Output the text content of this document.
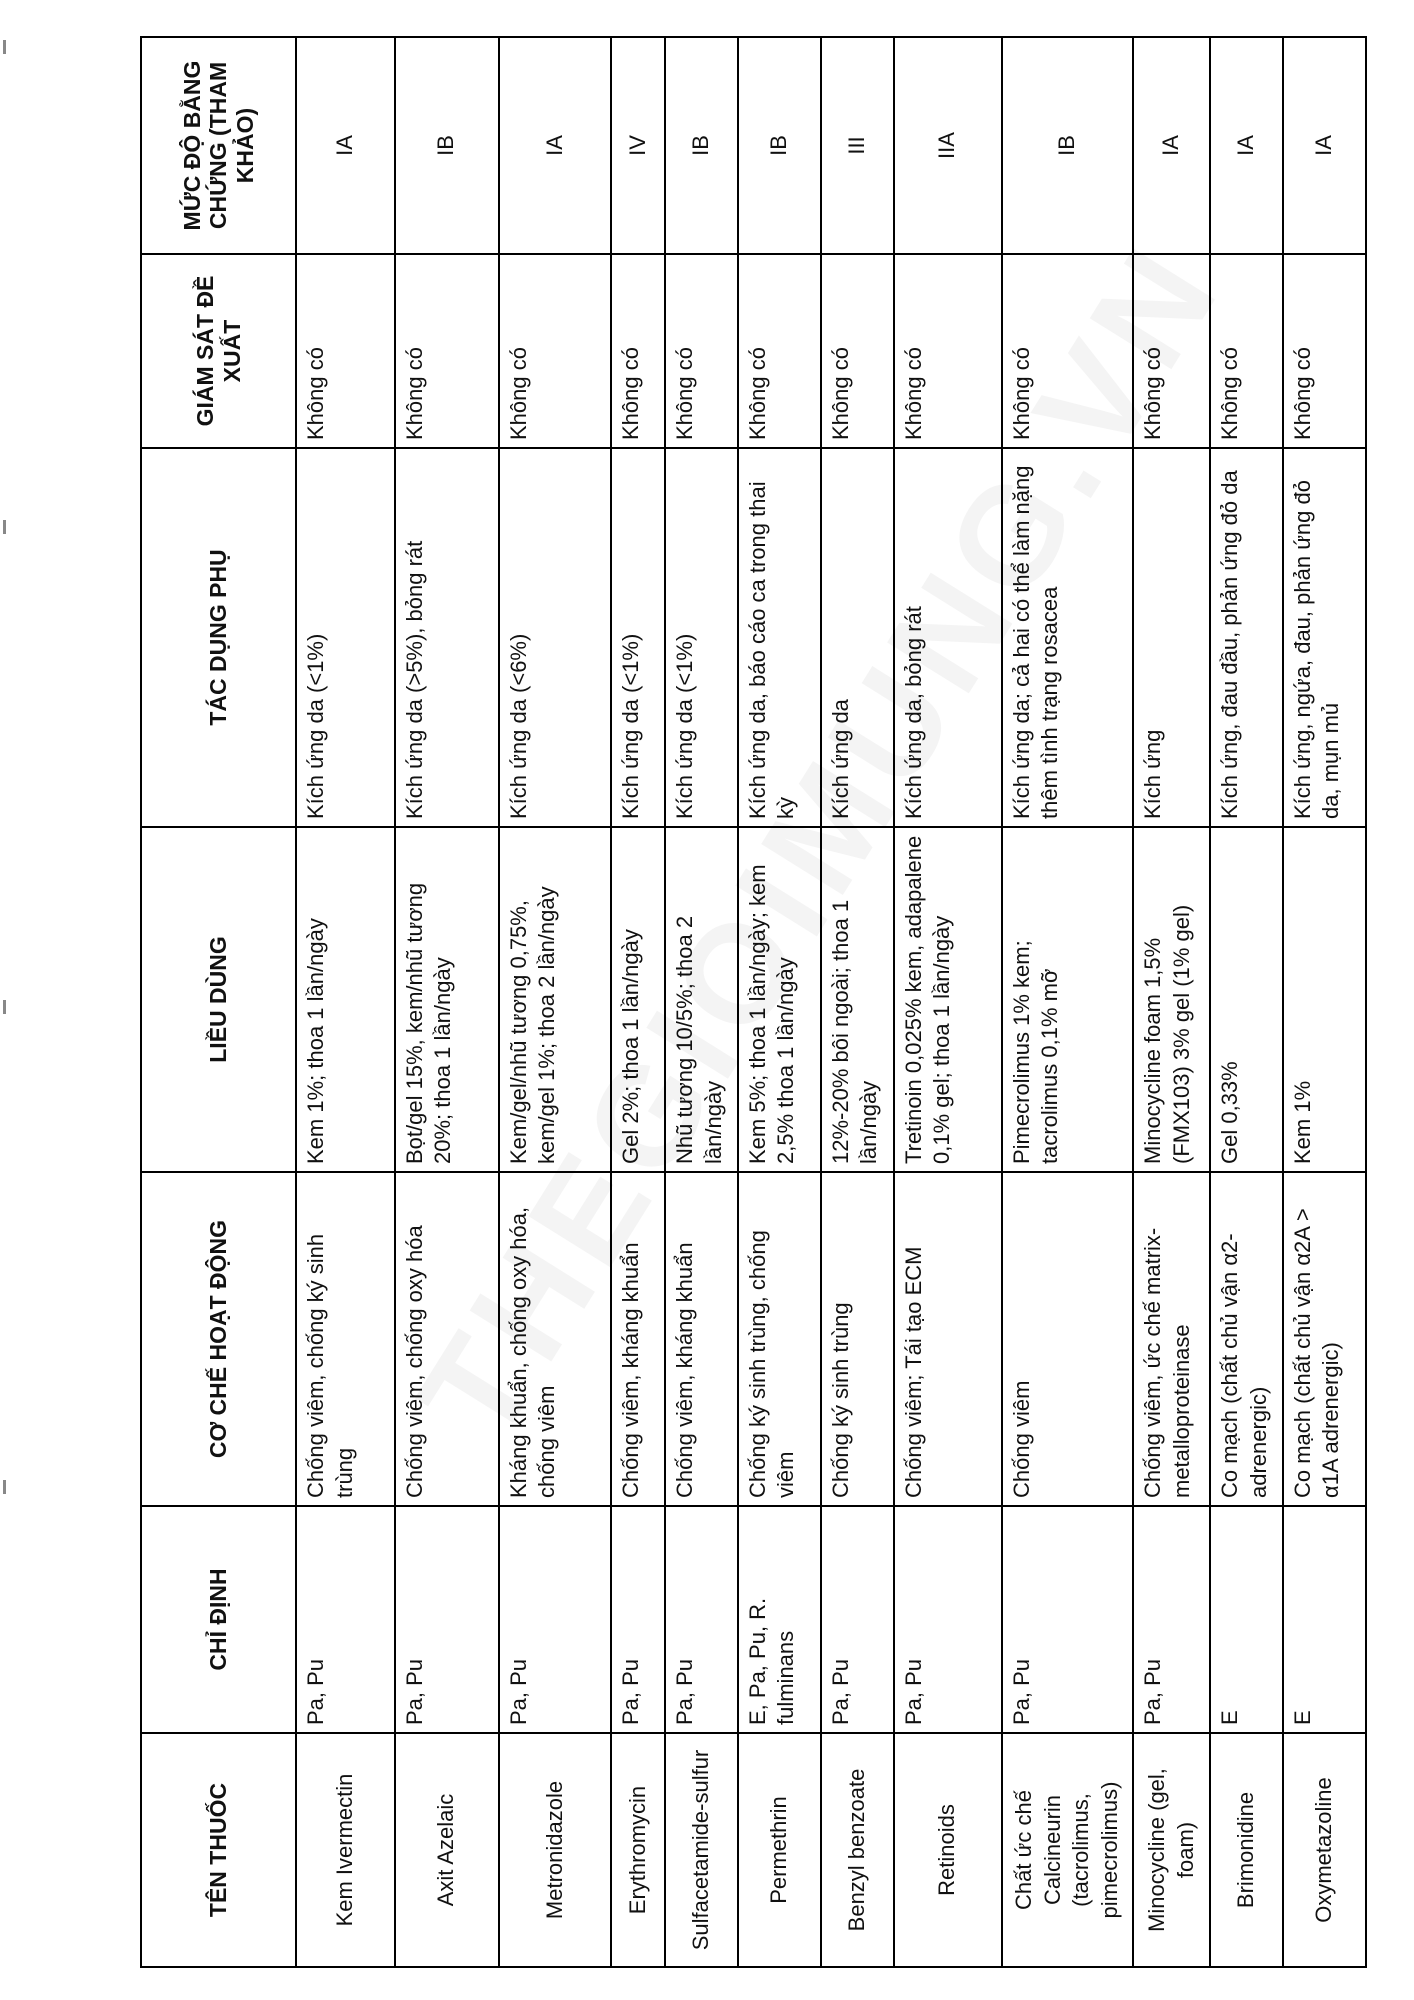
TÊN THUỐC	CHỈ ĐỊNH	CƠ CHẾ HOẠT ĐỘNG	LIỀU DÙNG	TÁC DỤNG PHỤ	GIÁM SÁT ĐỀ XUẤT	MỨC ĐỘ BẰNG CHỨNG (THAM KHẢO)
Kem Ivermectin	Pa, Pu	Chống viêm, chống ký sinh trùng	Kem 1%; thoa 1 lần/ngày	Kích ứng da (<1%)	Không có	IA
Axit Azelaic	Pa, Pu	Chống viêm, chống oxy hóa	Bọt/gel 15%, kem/nhũ tương 20%; thoa 1 lần/ngày	Kích ứng da (>5%), bỏng rát	Không có	IB
Metronidazole	Pa, Pu	Kháng khuẩn, chống oxy hóa, chống viêm	Kem/gel/nhũ tương 0,75%, kem/gel 1%; thoa 2 lần/ngày	Kích ứng da (<6%)	Không có	IA
Erythromycin	Pa, Pu	Chống viêm, kháng khuẩn	Gel 2%; thoa 1 lần/ngày	Kích ứng da (<1%)	Không có	IV
Sulfacetamide-sulfur	Pa, Pu	Chống viêm, kháng khuẩn	Nhũ tương 10/5%; thoa 2 lần/ngày	Kích ứng da (<1%)	Không có	IB
Permethrin	E, Pa, Pu, R. fulminans	Chống ký sinh trùng, chống viêm	Kem 5%; thoa 1 lần/ngày; kem 2,5% thoa 1 lần/ngày	Kích ứng da, báo cáo ca trong thai kỳ	Không có	IB
Benzyl benzoate	Pa, Pu	Chống ký sinh trùng	12%-20% bôi ngoài; thoa 1 lần/ngày	Kích ứng da	Không có	III
Retinoids	Pa, Pu	Chống viêm; Tái tạo ECM	Tretinoin 0,025% kem, adapalene 0,1% gel; thoa 1 lần/ngày	Kích ứng da, bỏng rát	Không có	IIA
Chất ức chế Calcineurin (tacrolimus, pimecrolimus)	Pa, Pu	Chống viêm	Pimecrolimus 1% kem; tacrolimus 0,1% mỡ	Kích ứng da; cả hai có thể làm nặng thêm tình trạng rosacea	Không có	IB
Minocycline (gel, foam)	Pa, Pu	Chống viêm, ức chế matrix-metalloproteinase	Minocycline foam 1,5% (FMX103) 3% gel (1% gel)	Kích ứng	Không có	IA
Brimonidine	E	Co mạch (chất chủ vận α2-adrenergic)	Gel 0,33%	Kích ứng, đau đầu, phản ứng đỏ da	Không có	IA
Oxymetazoline	E	Co mạch (chất chủ vận α2A > α1A adrenergic)	Kem 1%	Kích ứng, ngứa, đau, phản ứng đỏ da, mụn mủ	Không có	IA
